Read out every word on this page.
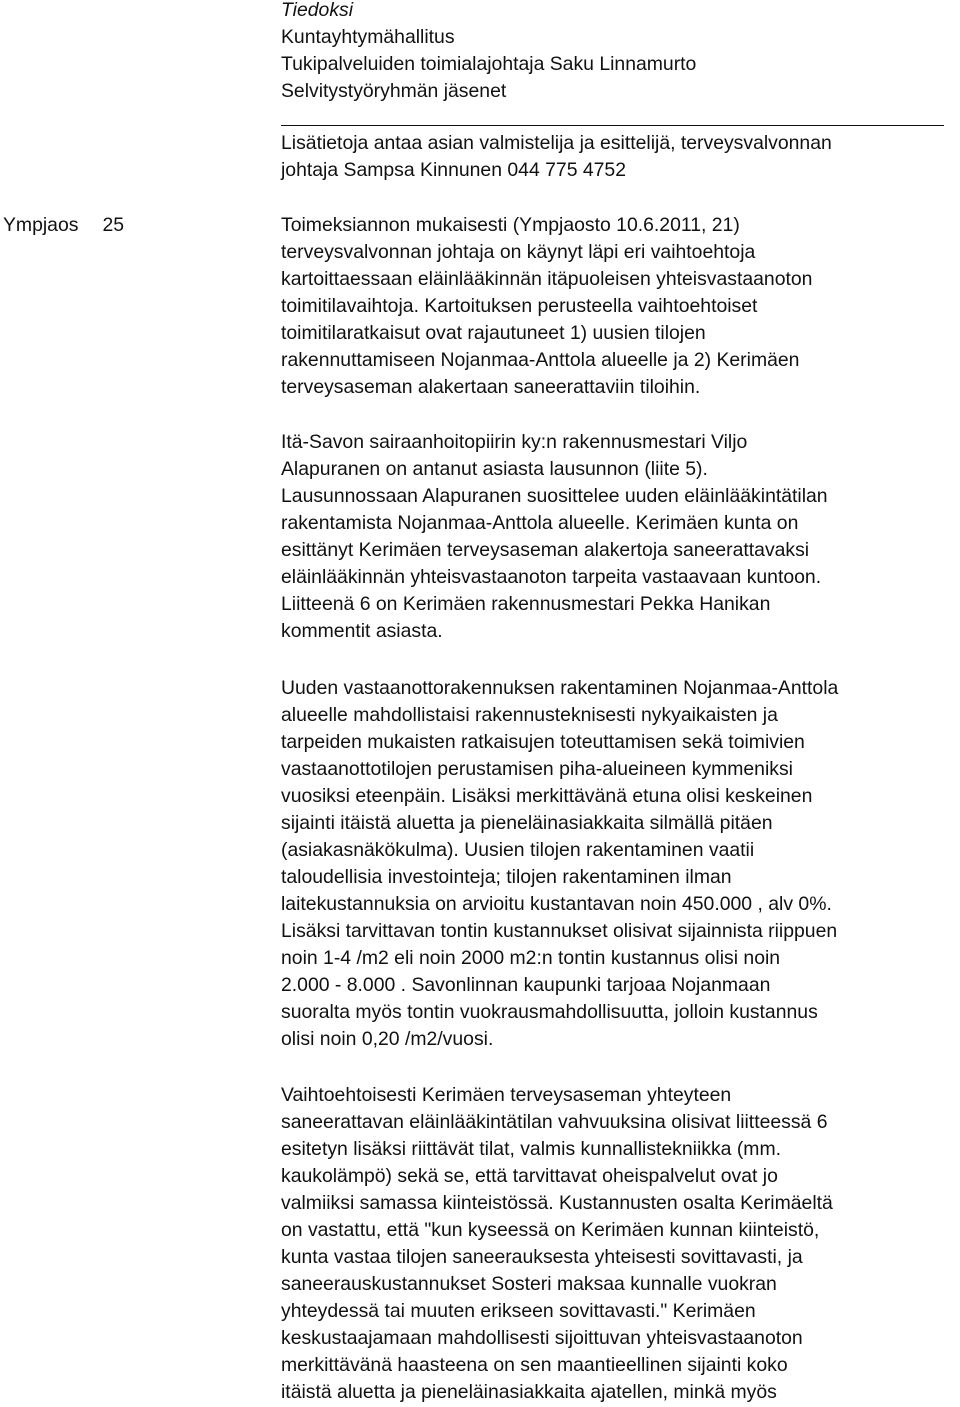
Tiedoksi

Kuntayhtymähallitus

Tukipalveluiden toimialajohtaja Saku Linnamurto

Selvitystyöryhmän jäsenet

Lisätietoja antaa asian valmistelija ja esittelijä, terveysvalvonnan
johtaja Sampsa Kinnunen 044 775 4752

Ympjaos 25	Toimeksiannon mukaisesti (Ympjaosto 10.6.2011, 21)
terveysvalvonnan johtaja on käynyt läpi eri vaihtoehtoja
kartoittaessaan eläinlääkinnän itäpuoleisen yhteisvastaanoton
toimitilavaihtoja. Kartoituksen perusteella vaihtoehtoiset
toimitilaratkaisut ovat rajautuneet 1) uusien tilojen
rakennuttamiseen Nojanmaa-Anttola alueelle ja 2) Kerimäen
terveysaseman alakertaan saneerattaviin tiloihin.

Itä-Savon sairaanhoitopiirin ky:n rakennusmestari Viljo
Alapuranen on antanut asiasta lausunnon (liite 5).
Lausunnossaan Alapuranen suosittelee uuden eläinlääkintätilan
rakentamista Nojanmaa-Anttola alueelle. Kerimäen kunta on
esittänyt Kerimäen terveysaseman alakertoja saneerattavaksi
eläinlääkinnän yhteisvastaanoton tarpeita vastaavaan kuntoon.
Liitteenä 6 on Kerimäen rakennusmestari Pekka Hanikan
kommentit asiasta.

Uuden vastaanottorakennuksen rakentaminen Nojanmaa-Anttola
alueelle mahdollistaisi rakennusteknisesti nykyaikaisten ja
tarpeiden mukaisten ratkaisujen toteuttamisen sekä toimivien
vastaanottotilojen perustamisen piha-alueineen kymmeniksi
vuosiksi eteenpäin. Lisäksi merkittävänä etuna olisi keskeinen
sijainti itäistä aluetta ja pieneläinasiakkaita silmällä pitäen
(asiakasnäkökulma). Uusien tilojen rakentaminen vaatii
taloudellisia investointeja; tilojen rakentaminen ilman
laitekustannuksia on arvioitu kustantavan noin 450.000 , alv 0%.
Lisäksi tarvittavan tontin kustannukset olisivat sijainnista riippuen
noin 1-4 /m2 eli noin 2000 m2:n tontin kustannus olisi noin
2.000 - 8.000 . Savonlinnan kaupunki tarjoaa Nojanmaan
suoralta myös tontin vuokrausmahdollisuutta, jolloin kustannus
olisi noin 0,20 /m2/vuosi.

Vaihtoehtoisesti Kerimäen terveysaseman yhteyteen
saneerattavan eläinlääkintätilan vahvuuksina olisivat liitteessä 6
esitetyn lisäksi riittävät tilat, valmis kunnallistekniikka (mm.
kaukolämpö) sekä se, että tarvittavat oheispalvelut ovat jo
valmiiksi samassa kiinteistössä. Kustannusten osalta Kerimäeltä
on vastattu, että "kun kyseessä on Kerimäen kunnan kiinteistö,
kunta vastaa tilojen saneerauksesta yhteisesti sovittavasti, ja
saneerauskustannukset Sosteri maksaa kunnalle vuokran
yhteydessä tai muuten erikseen sovittavasti." Kerimäen
keskustaajamaan mahdollisesti sijoittuvan yhteisvastaanoton
merkittävänä haasteena on sen maantieellinen sijainti koko
itäistä aluetta ja pieneläinasiakkaita ajatellen, minkä myös
